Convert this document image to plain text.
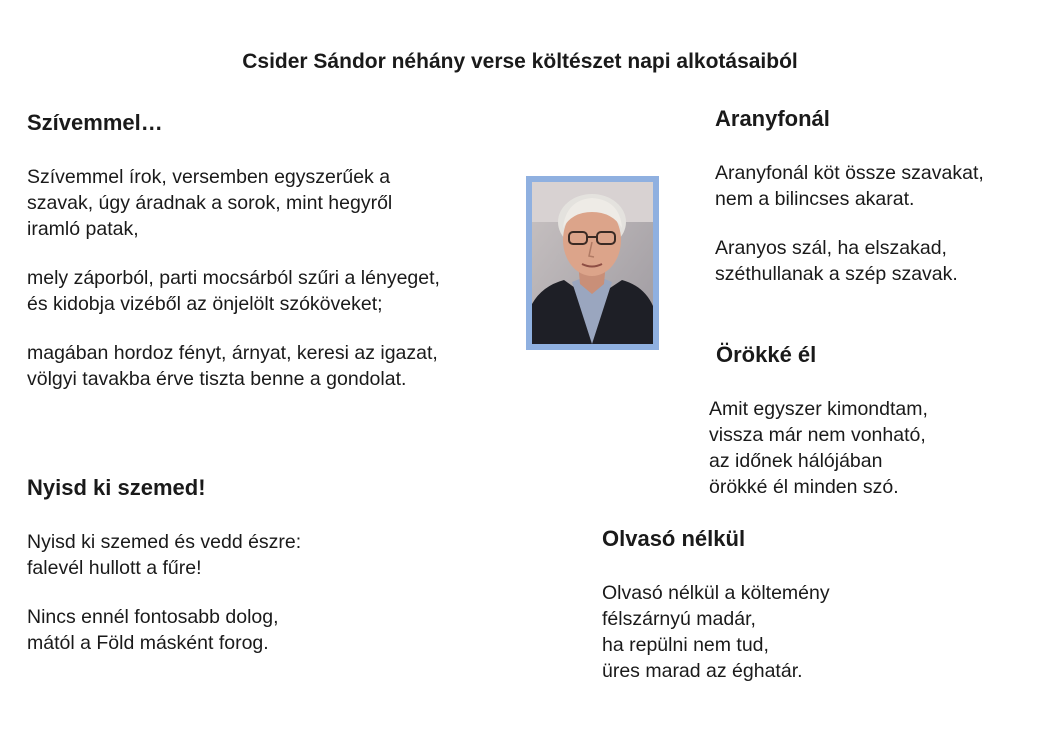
Csider Sándor néhány verse költészet napi alkotásaiból
Szívemmel…
Szívemmel írok, versemben egyszerűek a
szavak, úgy áradnak a sorok, mint hegyről
iramló patak,
mely záporból, parti mocsárból szűri a lényeget,
és kidobja vizéből az önjelölt szóköveket;
magában hordoz fényt, árnyat, keresi az igazat,
völgyi tavakba érve tiszta benne a gondolat.
Aranyfonál
Aranyfonál köt össze szavakat,
nem a bilincses akarat.
Aranyos szál, ha elszakad,
széthullanak a szép szavak.
Örökké él
Amit egyszer kimondtam,
vissza már nem vonható,
az időnek hálójában
örökké él minden szó.
Nyisd ki szemed!
Nyisd ki szemed és vedd észre:
falevél hullott a fűre!
Nincs ennél fontosabb dolog,
mától a Föld másként forog.
Olvasó nélkül
Olvasó nélkül a költemény
félszárnyú madár,
ha repülni nem tud,
üres marad az éghatár.
